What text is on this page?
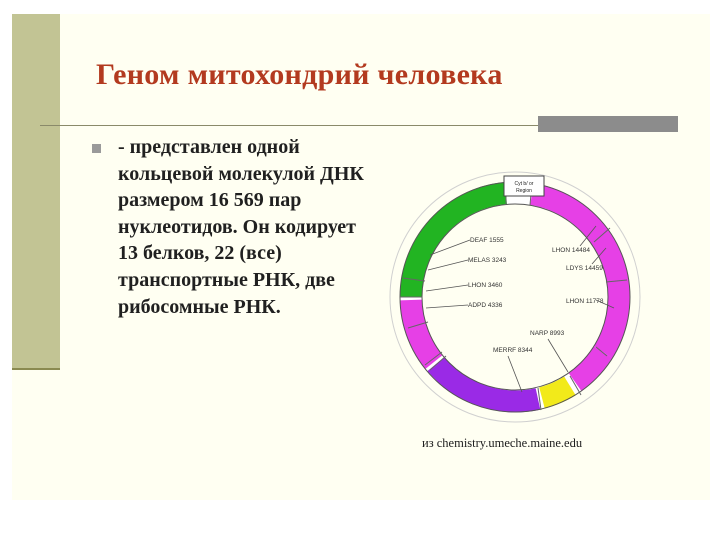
Геном митохондрий человека

- представлен одной кольцевой молекулой ДНК размером 16 569 пар нуклеотидов. Он кодирует 13 белков, 22 (все) транспортные РНК, две рибосомные РНК.

Cyt b/ or
Region
DEAF 1555
MELAS 3243
LHON 3460
ADPD 4336
LHON 14484
LDYS 14459
LHON 11778
NARP 8993
MERRF 8344
из chemistry.umeche.maine.edu
